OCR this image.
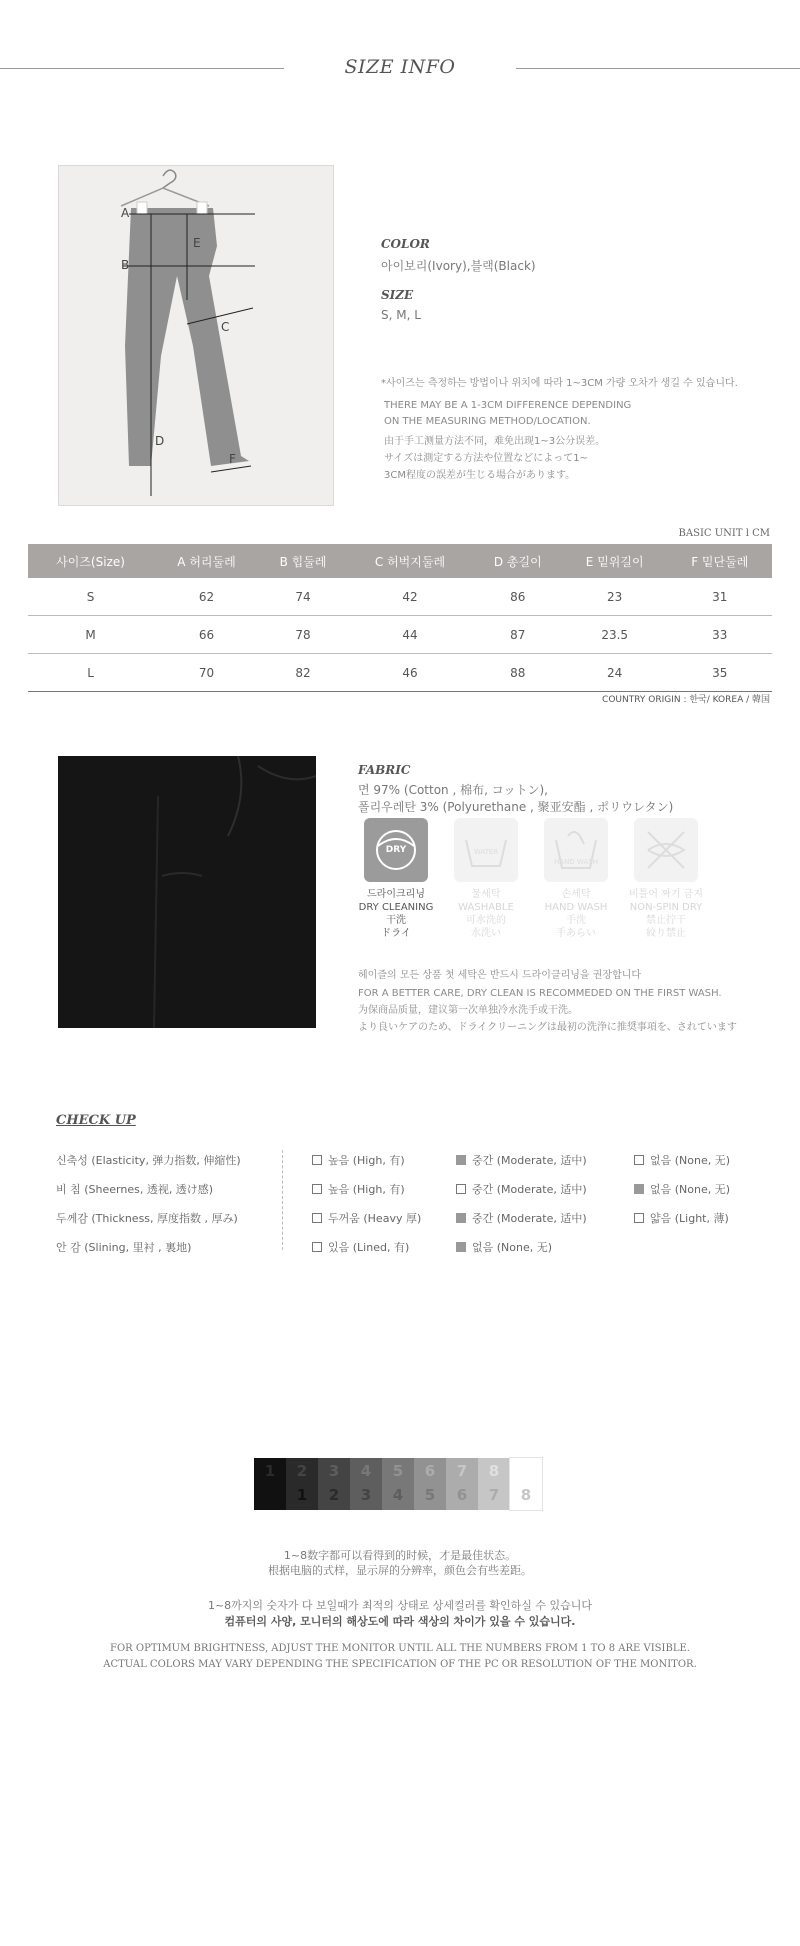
SIZE INFO
A
B
C
D
E
F
COLOR
아이보리(Ivory),블랙(Black)
SIZE
S, M, L
*사이즈는 측정하는 방법이나 위치에 따라 1~3CM 가량 오차가 생길 수 있습니다.
THERE MAY BE A 1-3CM DIFFERENCE DEPENDING
ON THE MEASURING METHOD/LOCATION.
由于手工测量方法不同，难免出现1~3公分误差。
サイズは測定する方法や位置などによって1~
3CM程度の誤差が生じる場合があります。
BASIC UNIT l CM
사이즈(Size)	A 허리둘레	B 힙둘레	C 허벅지둘레	D 총길이	E 밑위길이	F 밑단둘레
S	62	74	42	86	23	31
M	66	78	44	87	23.5	33
L	70	82	46	88	24	35
COUNTRY ORIGIN : 한국/ KOREA / 韓国
FABRIC
면 97% (Cotton , 棉布, コットン),
폴리우레탄 3% (Polyurethane , 聚亚安酯 , ポリウレタン)
DRY	WATER
HAND WASH
드라이크리닝
DRY CLEANING
干洗
ドライ
물세탁
WASHABLE
可水洗的
水洗い
손세탁
HAND WASH
手洗
手あらい
비틀어 짜기 금지
NON-SPIN DRY
禁止拧干
絞り禁止
헤이즐의 모든 상품 첫 세탁은 반드시 드라이클리닝을 권장합니다
FOR A BETTER CARE, DRY CLEAN IS RECOMMEDED ON THE FIRST WASH.
为保商品质量，建议第一次单独冷水洗手或干洗。
より良いケアのため、ドライクリーニングは最初の洗浄に推奨事項を、されています
CHECK UP
신축성 (Elasticity, 弹力指数, 伸縮性)	높음 (High, 有)	중간 (Moderate, 适中)	없음 (None, 无)
비 침 (Sheernes, 透视, 透け感)	높음 (High, 有)	중간 (Moderate, 适中)	없음 (None, 无)
두께감 (Thickness, 厚度指数 , 厚み)	두꺼움 (Heavy 厚)	중간 (Moderate, 适中)	얇음 (Light, 薄)
안 감 (Slining, 里衬 , 裏地)	있음 (Lined, 有)	없음 (None, 无)
1	2
1
3
2
4
3
5
4
6
5
7
6
8
7	8
1~8数字都可以看得到的时候，才是最佳状态。
根据电脑的式样，显示屏的分辨率，颜色会有些差距。
1~8까지의 숫자가 다 보일때가 최적의 상태로 상세컬러를 확인하실 수 있습니다
컴퓨터의 사양, 모니터의 해상도에 따라 색상의 차이가 있을 수 있습니다.
FOR OPTIMUM BRIGHTNESS, ADJUST THE MONITOR UNTIL ALL THE NUMBERS FROM 1 TO 8 ARE VISIBLE.
ACTUAL COLORS MAY VARY DEPENDING THE SPECIFICATION OF THE PC OR RESOLUTION OF THE MONITOR.
